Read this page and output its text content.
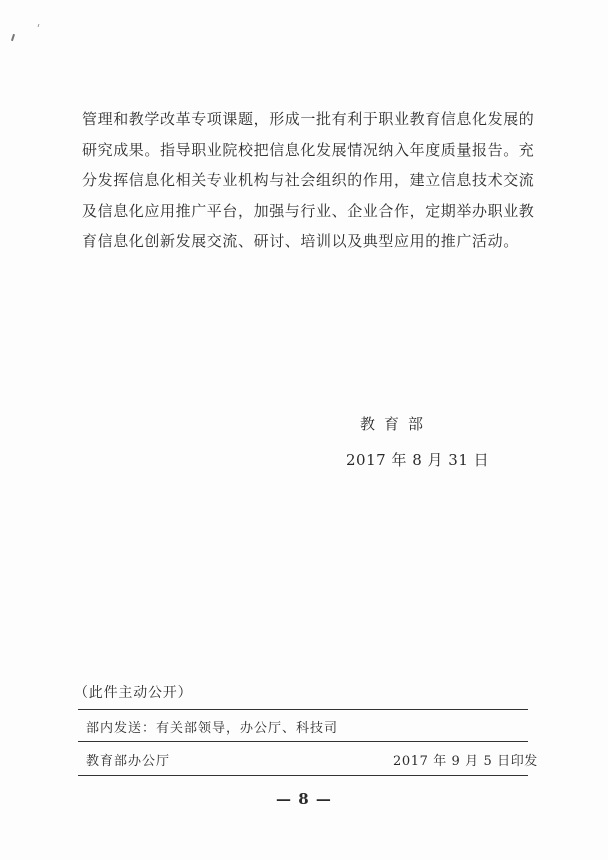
管理和教学改革专项课题，形成一批有利于职业教育信息化发展的
研究成果。指导职业院校把信息化发展情况纳入年度质量报告。充
分发挥信息化相关专业机构与社会组织的作用，建立信息技术交流
及信息化应用推广平台，加强与行业、企业合作，定期举办职业教
育信息化创新发展交流、研讨、培训以及典型应用的推广活动。
教育部
2017 年 8 月 31 日
（此件主动公开）
部内发送：有关部领导，办公厅、科技司
教育部办公厅	2017 年 9 月 5 日印发
— 8 —
